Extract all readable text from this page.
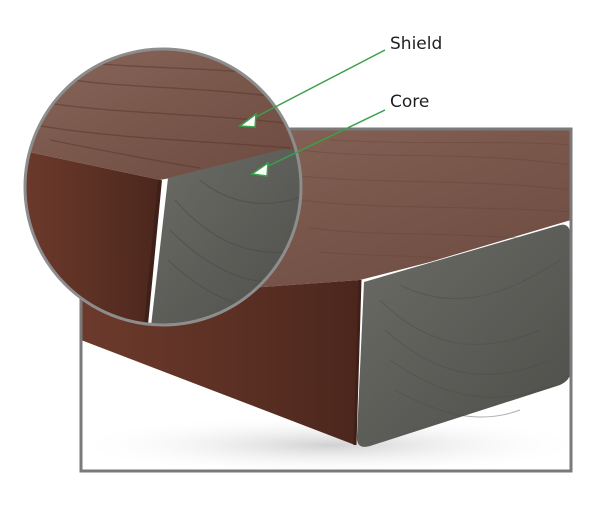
Shield
Core
